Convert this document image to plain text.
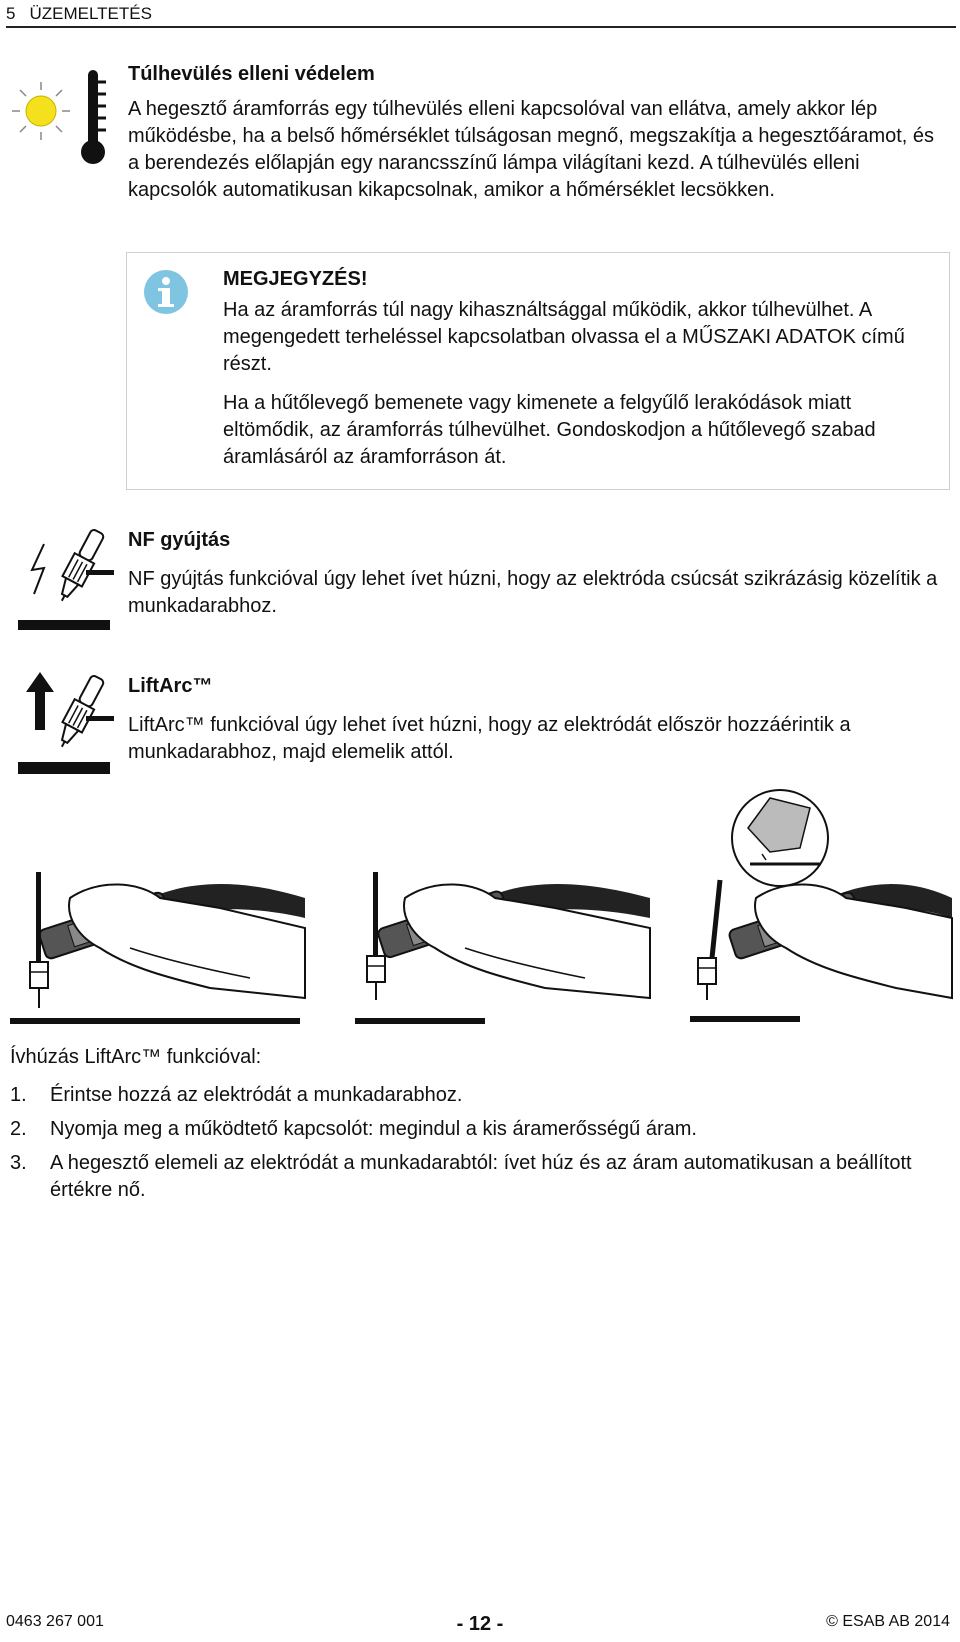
5 ÜZEMELTETÉS
Túlhevülés elleni védelem

A hegesztő áramforrás egy túlhevülés elleni kapcsolóval van ellátva, amely akkor lép működésbe, ha a belső hőmérséklet túlságosan megnő, megszakítja a hegesztőáramot, és a berendezés előlapján egy narancsszínű lámpa világítani kezd. A túlhevülés elleni kapcsolók automatikusan kikapcsolnak, amikor a hőmérséklet lecsökken.

MEGJEGYZÉS!

Ha az áramforrás túl nagy kihasználtsággal működik, akkor túlhevülhet. A megengedett terheléssel kapcsolatban olvassa el a MŰSZAKI ADATOK című részt.

Ha a hűtőlevegő bemenete vagy kimenete a felgyűlő lerakódások miatt eltömődik, az áramforrás túlhevülhet. Gondoskodjon a hűtőlevegő szabad áramlásáról az áramforráson át.

NF gyújtás

NF gyújtás funkcióval úgy lehet ívet húzni, hogy az elektróda csúcsát szikrázásig közelítik a munkadarabhoz.

LiftArc™

LiftArc™ funkcióval úgy lehet ívet húzni, hogy az elektródát először hozzáérintik a munkadarabhoz, majd elemelik attól.

Ívhúzás LiftArc™ funkcióval:
1. Érintse hozzá az elektródát a munkadarabhoz.
2. Nyomja meg a működtető kapcsolót: megindul a kis áramerősségű áram.
3. A hegesztő elemeli az elektródát a munkadarabtól: ívet húz és az áram automatikusan a beállított értékre nő.
0463 267 001	- 12 -	© ESAB AB 2014
